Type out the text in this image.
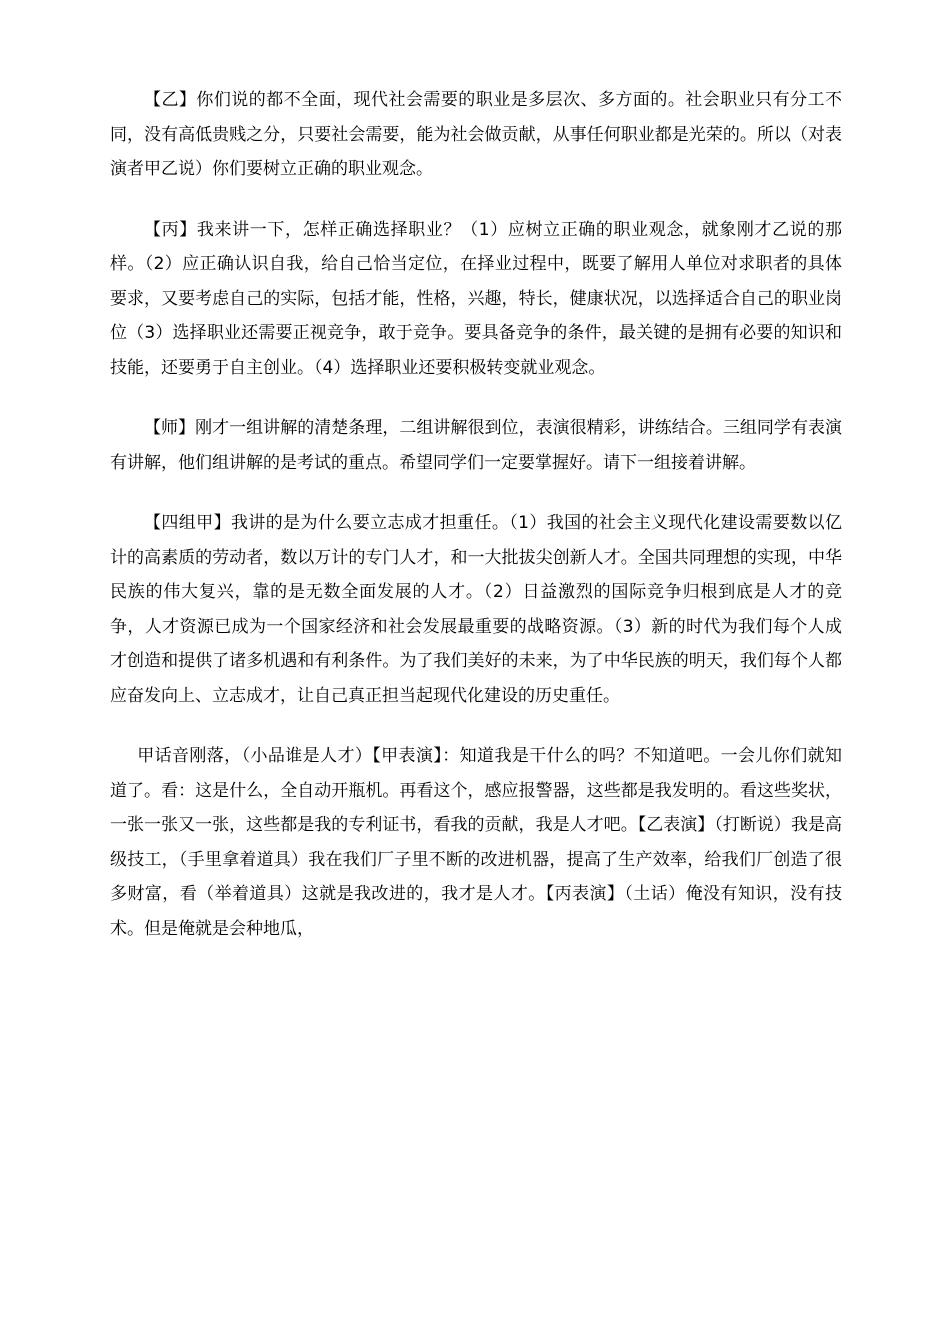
【乙】你们说的都不全面，现代社会需要的职业是多层次、多方面的。社会职业只有分工不同，没有高低贵贱之分，只要社会需要，能为社会做贡献，从事任何职业都是光荣的。所以（对表演者甲乙说）你们要树立正确的职业观念。

【丙】我来讲一下，怎样正确选择职业？（1）应树立正确的职业观念，就象刚才乙说的那样。（2）应正确认识自我，给自己恰当定位，在择业过程中，既要了解用人单位对求职者的具体要求，又要考虑自己的实际，包括才能，性格，兴趣，特长，健康状况，以选择适合自己的职业岗位（3）选择职业还需要正视竞争，敢于竞争。要具备竞争的条件，最关键的是拥有必要的知识和技能，还要勇于自主创业。（4）选择职业还要积极转变就业观念。

【师】刚才一组讲解的清楚条理，二组讲解很到位，表演很精彩，讲练结合。三组同学有表演有讲解，他们组讲解的是考试的重点。希望同学们一定要掌握好。请下一组接着讲解。

【四组甲】我讲的是为什么要立志成才担重任。（1）我国的社会主义现代化建设需要数以亿计的高素质的劳动者，数以万计的专门人才，和一大批拔尖创新人才。全国共同理想的实现，中华民族的伟大复兴，靠的是无数全面发展的人才。（2）日益激烈的国际竞争归根到底是人才的竞争，人才资源已成为一个国家经济和社会发展最重要的战略资源。（3）新的时代为我们每个人成才创造和提供了诸多机遇和有利条件。为了我们美好的未来，为了中华民族的明天，我们每个人都应奋发向上、立志成才，让自己真正担当起现代化建设的历史重任。

甲话音刚落，（小品谁是人才）【甲表演】：知道我是干什么的吗？不知道吧。一会儿你们就知道了。看：这是什么，全自动开瓶机。再看这个，感应报警器，这些都是我发明的。看这些奖状，一张一张又一张，这些都是我的专利证书，看我的贡献，我是人才吧。【乙表演】（打断说）我是高级技工，（手里拿着道具）我在我们厂子里不断的改进机器，提高了生产效率，给我们厂创造了很多财富，看（举着道具）这就是我改进的，我才是人才。【丙表演】（土话）俺没有知识，没有技术。但是俺就是会种地瓜，
